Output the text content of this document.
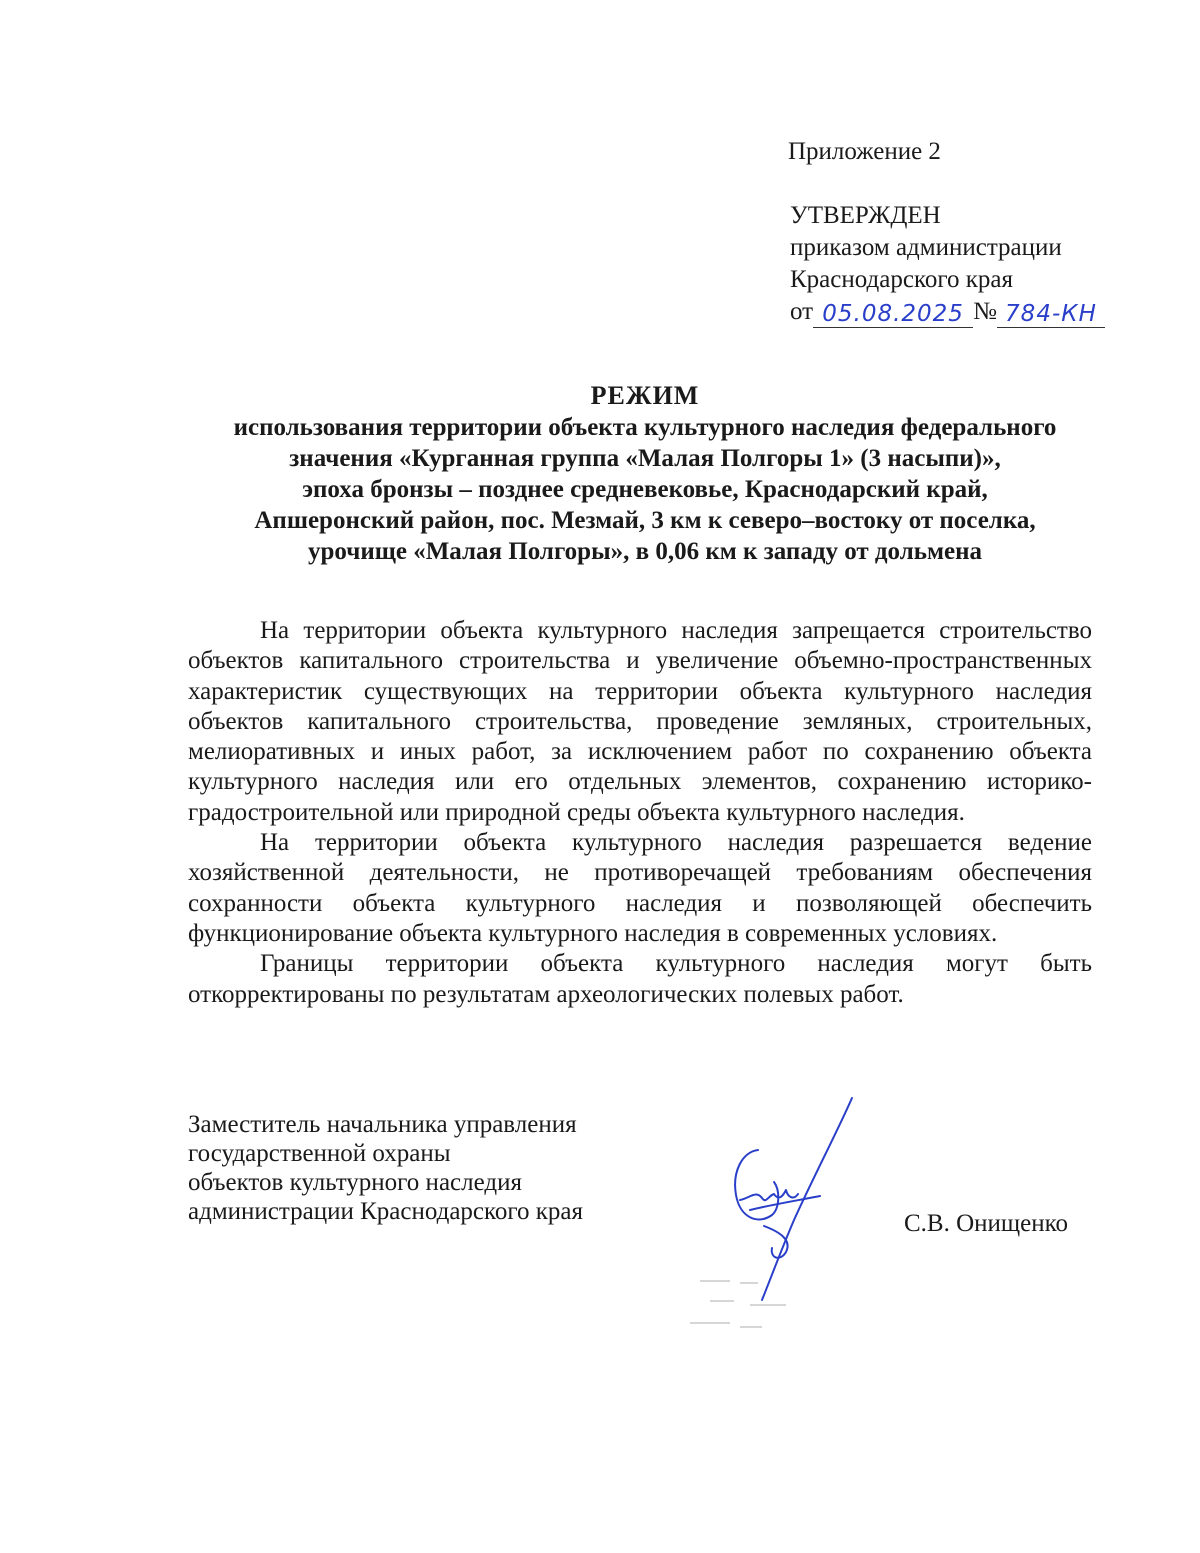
Приложение 2
УТВЕРЖДЕН
приказом администрации
Краснодарского края
от 05.08.2025 № 784-КН
РЕЖИМ
использования территории объекта культурного наследия федерального
значения «Курганная группа «Малая Полгоры 1» (3 насыпи)»,
эпоха бронзы – позднее средневековье, Краснодарский край,
Апшеронский район, пос. Мезмай, 3 км к северо–востоку от поселка,
урочище «Малая Полгоры», в 0,06 км к западу от дольмена

На территории объекта культурного наследия запрещается строительство объектов капитального строительства и увеличение объемно-пространственных характеристик существующих на территории объекта культурного наследия объектов капитального строительства, проведение земляных, строительных, мелиоративных и иных работ, за исключением работ по сохранению объекта культурного наследия или его отдельных элементов, сохранению историко-градостроительной или природной среды объекта культурного наследия.

На территории объекта культурного наследия разрешается ведение хозяйственной деятельности, не противоречащей требованиям обеспечения сохранности объекта культурного наследия и позволяющей обеспечить функционирование объекта культурного наследия в современных условиях.

Границы территории объекта культурного наследия могут быть откорректированы по результатам археологических полевых работ.

Заместитель начальника управления
государственной охраны
объектов культурного наследия
администрации Краснодарского края	С.В. Онищенко
